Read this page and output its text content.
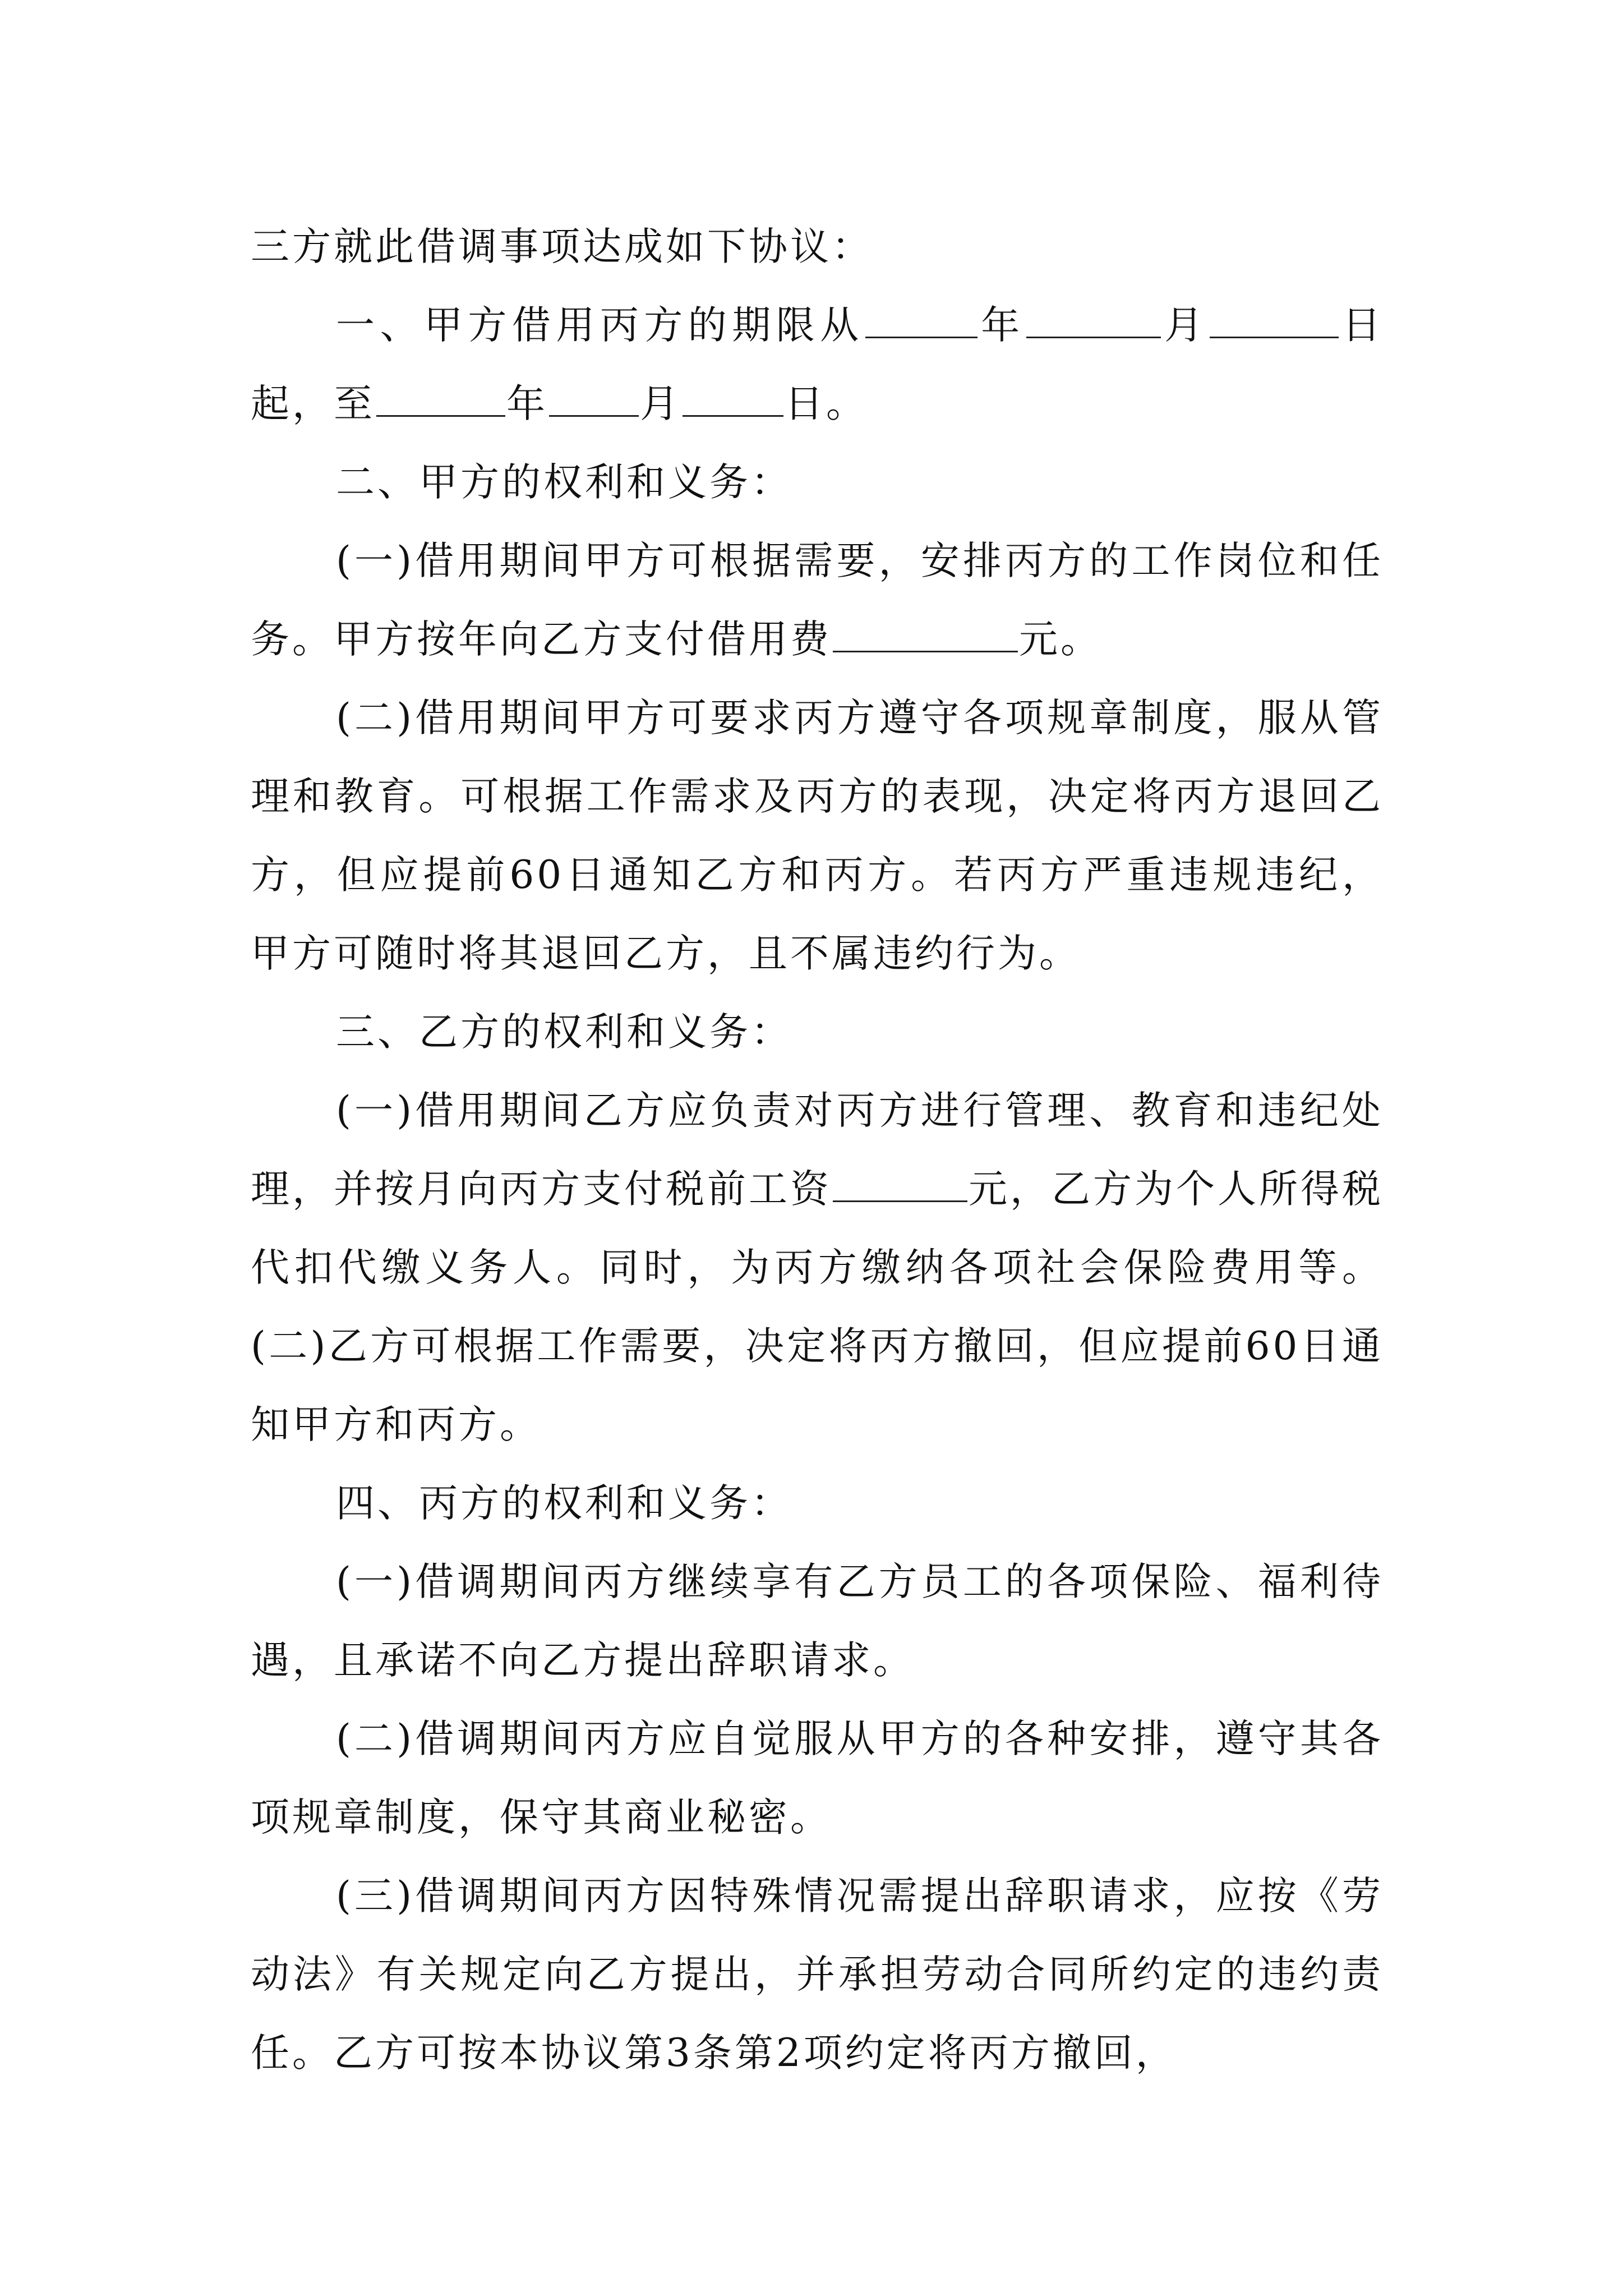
三方就此借调事项达成如下协议：

一、甲方借用丙方的期限从	年	月	日起，至	年 月	日。

二、甲方的权利和义务：

(一)借用期间甲方可根据需要，安排丙方的工作岗位和任务。甲方按年向乙方支付借用费	元。

(二)借用期间甲方可要求丙方遵守各项规章制度，服从管理和教育。可根据工作需求及丙方的表现，决定将丙方退回乙方，但应提前60日通知乙方和丙方。若丙方严重违规违纪，甲方可随时将其退回乙方，且不属违约行为。

三、乙方的权利和义务：

(一)借用期间乙方应负责对丙方进行管理、教育和违纪处理，并按月向丙方支付税前工资	元，乙方为个人所得税代扣代缴义务人。同时，为丙方缴纳各项社会保险费用等。 (二)乙方可根据工作需要，决定将丙方撤回，但应提前60日通知甲方和丙方。

四、丙方的权利和义务：

(一)借调期间丙方继续享有乙方员工的各项保险、福利待遇，且承诺不向乙方提出辞职请求。

(二)借调期间丙方应自觉服从甲方的各种安排，遵守其各项规章制度，保守其商业秘密。

(三)借调期间丙方因特殊情况需提出辞职请求，应按《劳动法》有关规定向乙方提出，并承担劳动合同所约定的违约责任。乙方可按本协议第3条第2项约定将丙方撤回，
